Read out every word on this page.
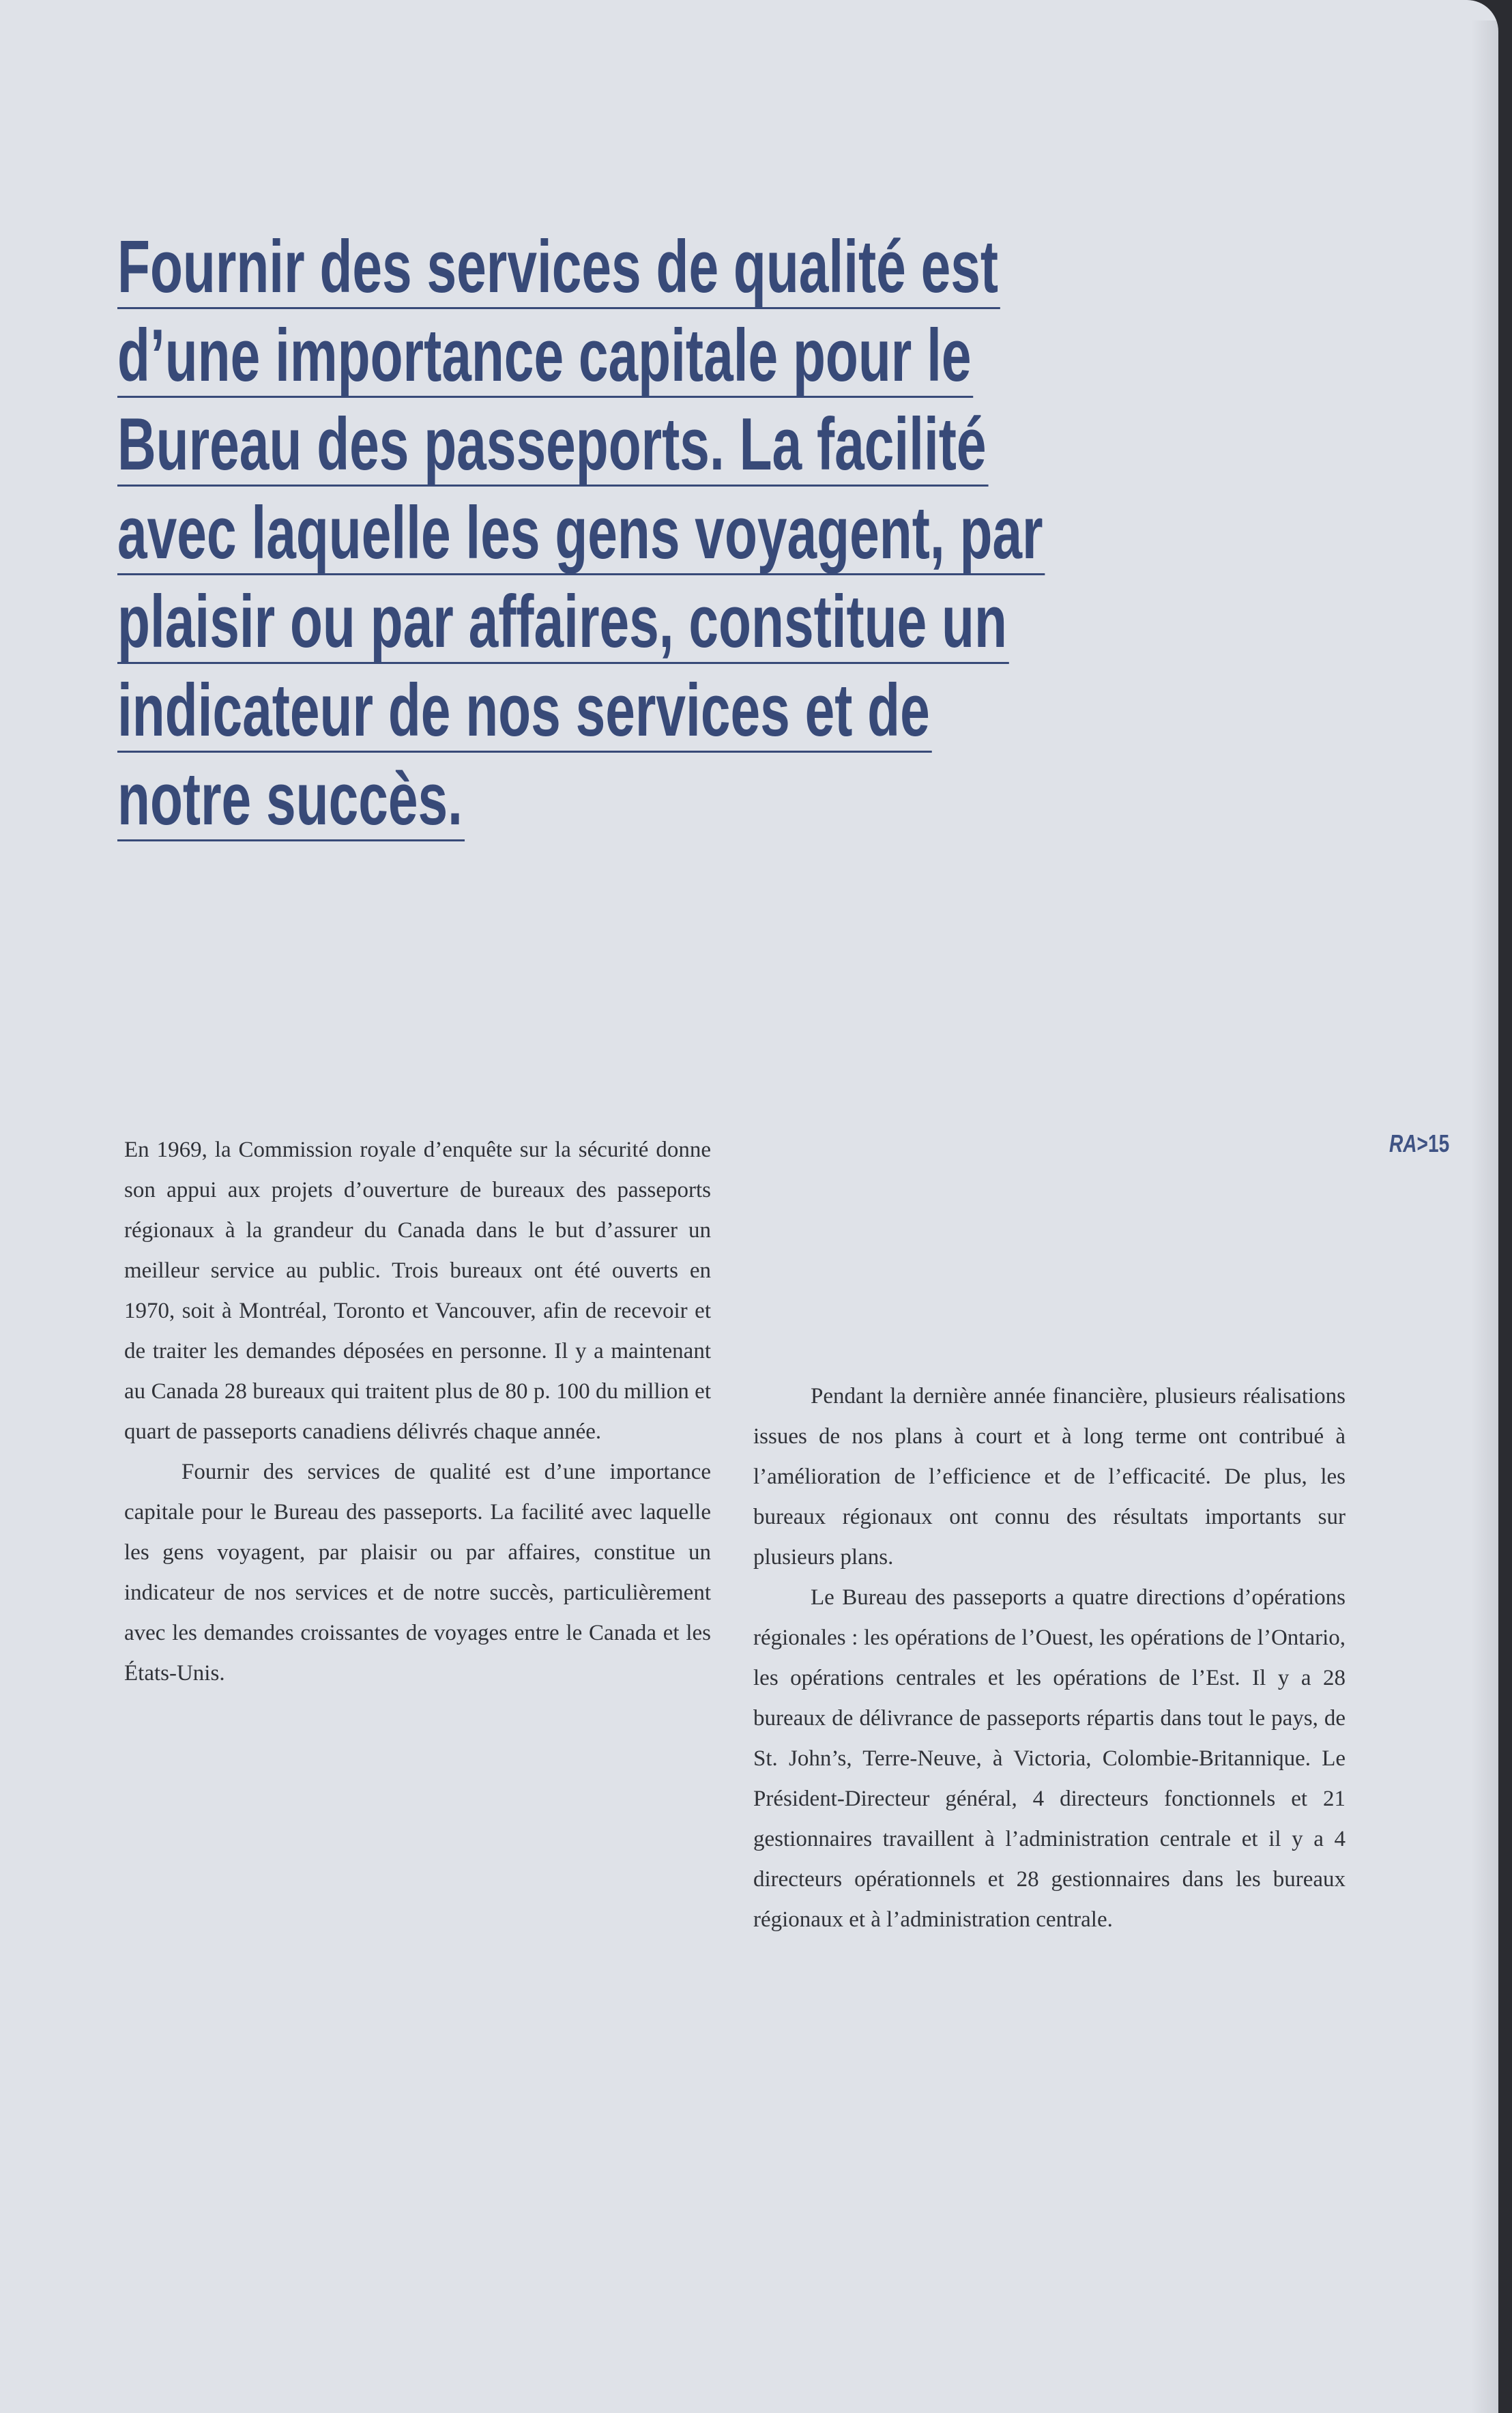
Fournir des services de qualité est
d’une importance capitale pour le
Bureau des passeports. La facilité
avec laquelle les gens voyagent, par
plaisir ou par affaires, constitue un
indicateur de nos services et de
notre succès.
RA>15

En 1969, la Commission royale d’enquête sur la sécurité donne son appui aux projets d’ouverture de bureaux des passeports régionaux à la grandeur du Canada dans le but d’assurer un meilleur service au public. Trois bureaux ont été ouverts en 1970, soit à Montréal, Toronto et Vancouver, afin de recevoir et de traiter les demandes déposées en personne. Il y a maintenant au Canada 28 bureaux qui traitent plus de 80 p. 100 du million et quart de passeports canadiens délivrés chaque année.

Fournir des services de qualité est d’une importance capitale pour le Bureau des passeports. La facilité avec laquelle les gens voyagent, par plaisir ou par affaires, constitue un indicateur de nos services et de notre succès, particulièrement avec les demandes croissantes de voyages entre le Canada et les États-Unis.

Pendant la dernière année financière, plusieurs réalisations issues de nos plans à court et à long terme ont contribué à l’amélioration de l’efficience et de l’efficacité. De plus, les bureaux régionaux ont connu des résultats importants sur plusieurs plans.

Le Bureau des passeports a quatre directions d’opérations régionales : les opérations de l’Ouest, les opérations de l’Ontario, les opérations centrales et les opérations de l’Est. Il y a 28 bureaux de délivrance de passeports répartis dans tout le pays, de St. John’s, Terre-Neuve, à Victoria, Colombie-Britannique. Le Président-Directeur général, 4 directeurs fonctionnels et 21 gestionnaires travaillent à l’administration centrale et il y a 4 directeurs opérationnels et 28 gestionnaires dans les bureaux régionaux et à l’administration centrale.
